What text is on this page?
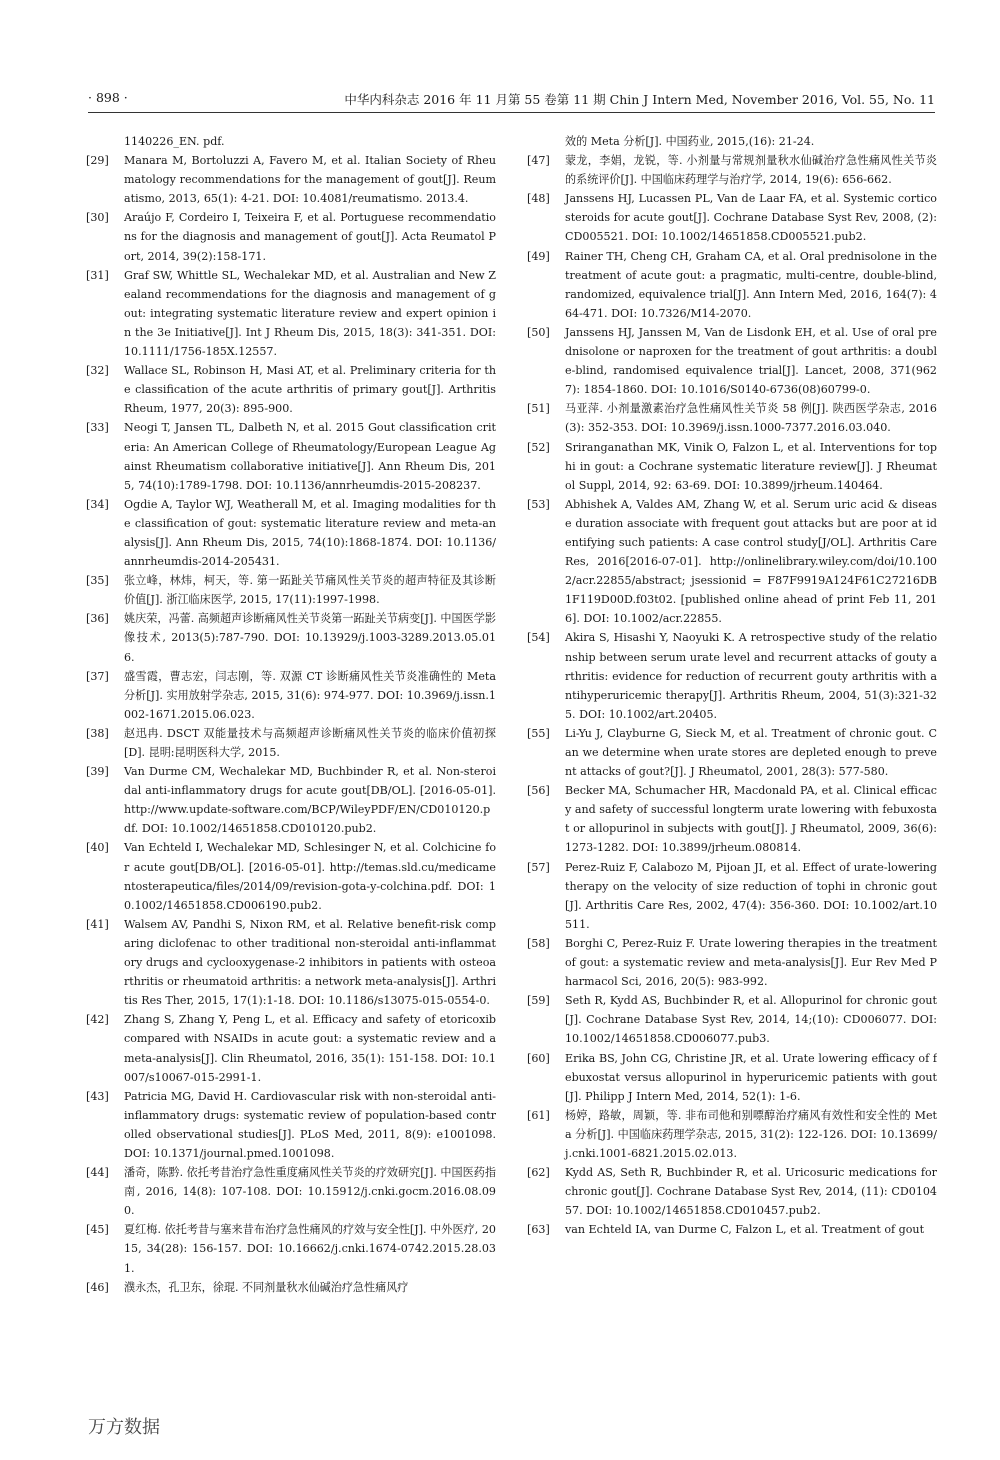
· 898 ·	中华内科杂志 2016 年 11 月第 55 卷第 11 期 Chin J Intern Med, November 2016, Vol. 55, No. 11
1140226_EN. pdf.
[29]	Manara M, Bortoluzzi A, Favero M, et al. Italian Society of Rheumatology recommendations for the management of gout[J]. Reumatismo, 2013, 65(1): 4-21. DOI: 10.4081/reumatismo. 2013.4.
[30]	Araújo F, Cordeiro I, Teixeira F, et al. Portuguese recommendations for the diagnosis and management of gout[J]. Acta Reumatol Port, 2014, 39(2):158-171.
[31]	Graf SW, Whittle SL, Wechalekar MD, et al. Australian and New Zealand recommendations for the diagnosis and management of gout: integrating systematic literature review and expert opinion in the 3e Initiative[J]. Int J Rheum Dis, 2015, 18(3): 341-351. DOI: 10.1111/1756-185X.12557.
[32]	Wallace SL, Robinson H, Masi AT, et al. Preliminary criteria for the classification of the acute arthritis of primary gout[J]. Arthritis Rheum, 1977, 20(3): 895-900.
[33]	Neogi T, Jansen TL, Dalbeth N, et al. 2015 Gout classification criteria: An American College of Rheumatology/European League Against Rheumatism collaborative initiative[J]. Ann Rheum Dis, 2015, 74(10):1789-1798. DOI: 10.1136/annrheumdis-2015-208237.
[34]	Ogdie A, Taylor WJ, Weatherall M, et al. Imaging modalities for the classification of gout: systematic literature review and meta-analysis[J]. Ann Rheum Dis, 2015, 74(10):1868-1874. DOI: 10.1136/annrheumdis-2014-205431.
[35]	张立峰，林炜，柯天，等. 第一跖趾关节痛风性关节炎的超声特征及其诊断价值[J]. 浙江临床医学, 2015, 17(11):1997-1998.
[36]	姚庆荣，冯蕾. 高频超声诊断痛风性关节炎第一跖趾关节病变[J]. 中国医学影像技术, 2013(5):787-790. DOI: 10.13929/j.1003-3289.2013.05.016.
[37]	盛雪霞，曹志宏，闫志刚，等. 双源 CT 诊断痛风性关节炎准确性的 Meta 分析[J]. 实用放射学杂志, 2015, 31(6): 974-977. DOI: 10.3969/j.issn.1002-1671.2015.06.023.
[38]	赵迅冉. DSCT 双能量技术与高频超声诊断痛风性关节炎的临床价值初探[D]. 昆明:昆明医科大学, 2015.
[39]	Van Durme CM, Wechalekar MD, Buchbinder R, et al. Non-steroidal anti-inflammatory drugs for acute gout[DB/OL]. [2016-05-01]. http://www.update-software.com/BCP/WileyPDF/EN/CD010120.pdf. DOI: 10.1002/14651858.CD010120.pub2.
[40]	Van Echteld I, Wechalekar MD, Schlesinger N, et al. Colchicine for acute gout[DB/OL]. [2016-05-01]. http://temas.sld.cu/medicamentosterapeutica/files/2014/09/revision-gota-y-colchina.pdf. DOI: 10.1002/14651858.CD006190.pub2.
[41]	Walsem AV, Pandhi S, Nixon RM, et al. Relative benefit-risk comparing diclofenac to other traditional non-steroidal anti-inflammatory drugs and cyclooxygenase-2 inhibitors in patients with osteoarthritis or rheumatoid arthritis: a network meta-analysis[J]. Arthritis Res Ther, 2015, 17(1):1-18. DOI: 10.1186/s13075-015-0554-0.
[42]	Zhang S, Zhang Y, Peng L, et al. Efficacy and safety of etoricoxib compared with NSAIDs in acute gout: a systematic review and a meta-analysis[J]. Clin Rheumatol, 2016, 35(1): 151-158. DOI: 10.1007/s10067-015-2991-1.
[43]	Patricia MG, David H. Cardiovascular risk with non-steroidal anti-inflammatory drugs: systematic review of population-based controlled observational studies[J]. PLoS Med, 2011, 8(9): e1001098. DOI: 10.1371/journal.pmed.1001098.
[44]	潘奇，陈黔. 依托考昔治疗急性重度痛风性关节炎的疗效研究[J]. 中国医药指南, 2016, 14(8): 107-108. DOI: 10.15912/j.cnki.gocm.2016.08.090.
[45]	夏红梅. 依托考昔与塞来昔布治疗急性痛风的疗效与安全性[J]. 中外医疗, 2015, 34(28): 156-157. DOI: 10.16662/j.cnki.1674-0742.2015.28.031.
[46]	濮永杰，孔卫东，徐琨. 不同剂量秋水仙碱治疗急性痛风疗
效的 Meta 分析[J]. 中国药业, 2015,(16): 21-24.
[47]	蒙龙，李娟，龙锐，等. 小剂量与常规剂量秋水仙碱治疗急性痛风性关节炎的系统评价[J]. 中国临床药理学与治疗学, 2014, 19(6): 656-662.
[48]	Janssens HJ, Lucassen PL, Van de Laar FA, et al. Systemic corticosteroids for acute gout[J]. Cochrane Database Syst Rev, 2008, (2): CD005521. DOI: 10.1002/14651858.CD005521.pub2.
[49]	Rainer TH, Cheng CH, Graham CA, et al. Oral prednisolone in the treatment of acute gout: a pragmatic, multi-centre, double-blind, randomized, equivalence trial[J]. Ann Intern Med, 2016, 164(7): 464-471. DOI: 10.7326/M14-2070.
[50]	Janssens HJ, Janssen M, Van de Lisdonk EH, et al. Use of oral prednisolone or naproxen for the treatment of gout arthritis: a double-blind, randomised equivalence trial[J]. Lancet, 2008, 371(9627): 1854-1860. DOI: 10.1016/S0140-6736(08)60799-0.
[51]	马亚萍. 小剂量激素治疗急性痛风性关节炎 58 例[J]. 陕西医学杂志, 2016(3): 352-353. DOI: 10.3969/j.issn.1000-7377.2016.03.040.
[52]	Sriranganathan MK, Vinik O, Falzon L, et al. Interventions for tophi in gout: a Cochrane systematic literature review[J]. J Rheumatol Suppl, 2014, 92: 63-69. DOI: 10.3899/jrheum.140464.
[53]	Abhishek A, Valdes AM, Zhang W, et al. Serum uric acid & disease duration associate with frequent gout attacks but are poor at identifying such patients: A case control study[J/OL]. Arthritis Care Res, 2016[2016-07-01]. http://onlinelibrary.wiley.com/doi/10.1002/acr.22855/abstract; jsessionid = F87F9919A124F61C27216DB1F119D00D.f03t02. [published online ahead of print Feb 11, 2016]. DOI: 10.1002/acr.22855.
[54]	Akira S, Hisashi Y, Naoyuki K. A retrospective study of the relationship between serum urate level and recurrent attacks of gouty arthritis: evidence for reduction of recurrent gouty arthritis with antihyperuricemic therapy[J]. Arthritis Rheum, 2004, 51(3):321-325. DOI: 10.1002/art.20405.
[55]	Li-Yu J, Clayburne G, Sieck M, et al. Treatment of chronic gout. Can we determine when urate stores are depleted enough to prevent attacks of gout?[J]. J Rheumatol, 2001, 28(3): 577-580.
[56]	Becker MA, Schumacher HR, Macdonald PA, et al. Clinical efficacy and safety of successful longterm urate lowering with febuxostat or allopurinol in subjects with gout[J]. J Rheumatol, 2009, 36(6): 1273-1282. DOI: 10.3899/jrheum.080814.
[57]	Perez-Ruiz F, Calabozo M, Pijoan JI, et al. Effect of urate-lowering therapy on the velocity of size reduction of tophi in chronic gout[J]. Arthritis Care Res, 2002, 47(4): 356-360. DOI: 10.1002/art.10511.
[58]	Borghi C, Perez-Ruiz F. Urate lowering therapies in the treatment of gout: a systematic review and meta-analysis[J]. Eur Rev Med Pharmacol Sci, 2016, 20(5): 983-992.
[59]	Seth R, Kydd AS, Buchbinder R, et al. Allopurinol for chronic gout[J]. Cochrane Database Syst Rev, 2014, 14;(10): CD006077. DOI: 10.1002/14651858.CD006077.pub3.
[60]	Erika BS, John CG, Christine JR, et al. Urate lowering efficacy of febuxostat versus allopurinol in hyperuricemic patients with gout[J]. Philipp J Intern Med, 2014, 52(1): 1-6.
[61]	杨婷，路敏，周颖，等. 非布司他和别嘌醇治疗痛风有效性和安全性的 Meta 分析[J]. 中国临床药理学杂志, 2015, 31(2): 122-126. DOI: 10.13699/j.cnki.1001-6821.2015.02.013.
[62]	Kydd AS, Seth R, Buchbinder R, et al. Uricosuric medications for chronic gout[J]. Cochrane Database Syst Rev, 2014, (11): CD010457. DOI: 10.1002/14651858.CD010457.pub2.
[63]	van Echteld IA, van Durme C, Falzon L, et al. Treatment of gout
万方数据
